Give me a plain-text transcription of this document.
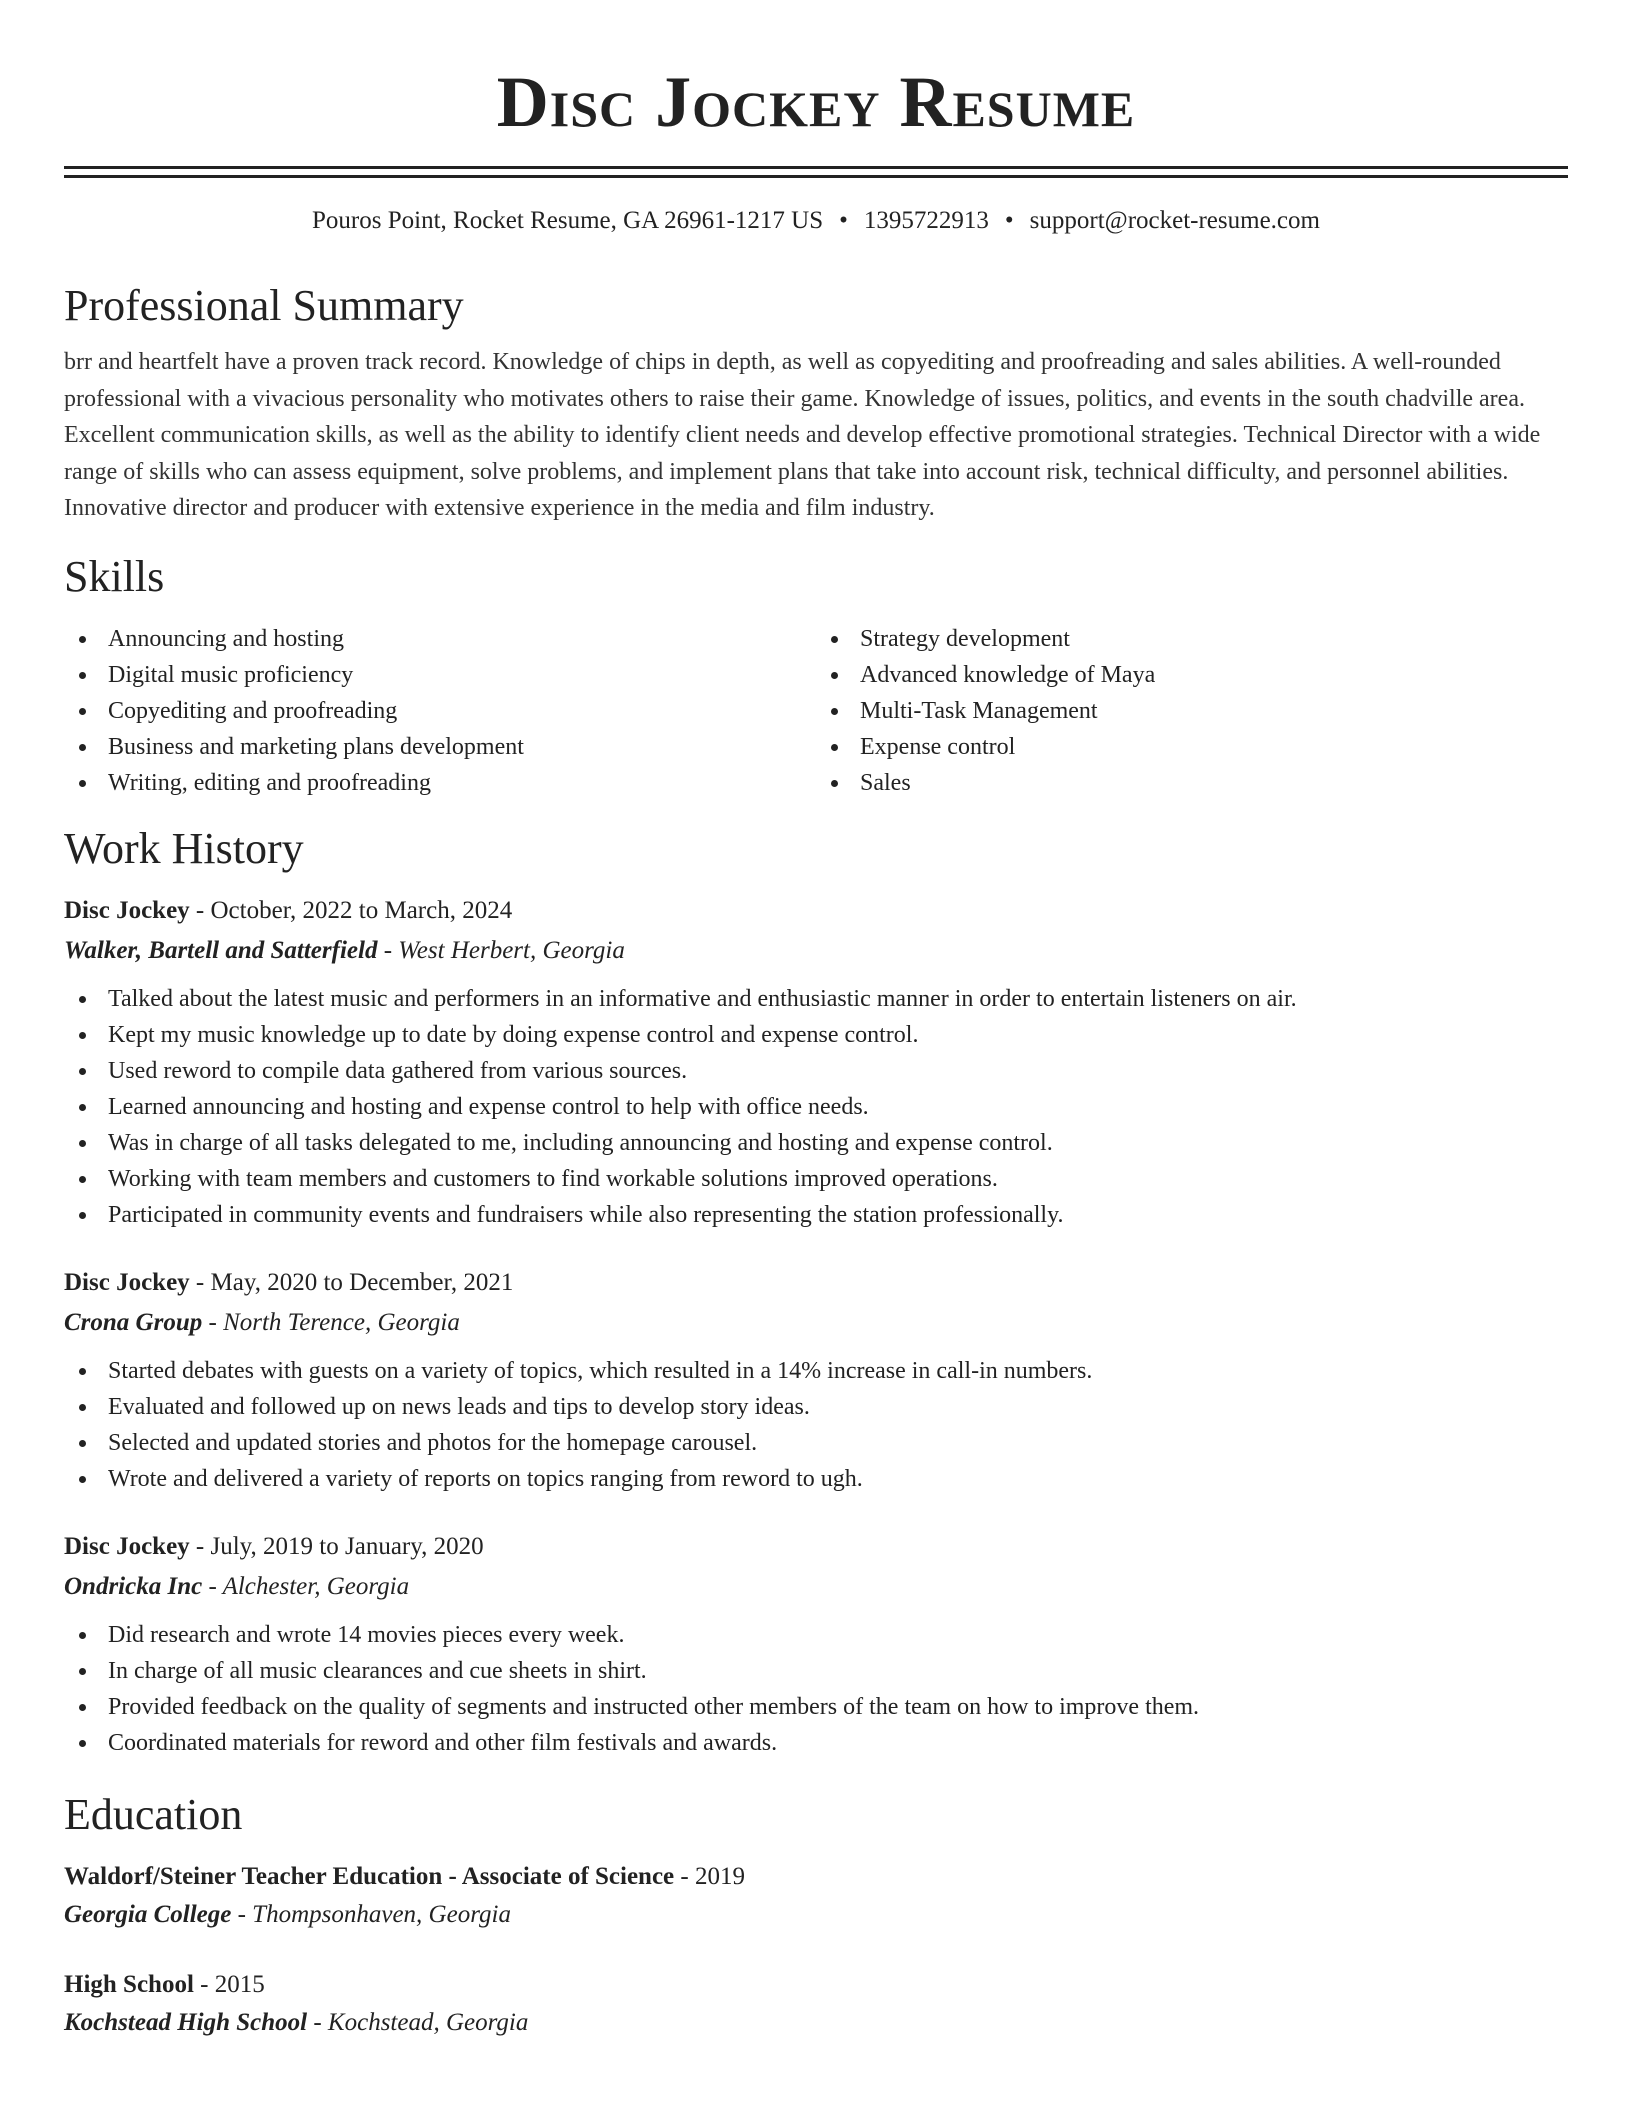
Disc Jockey Resume
Pouros Point, Rocket Resume, GA 26961-1217 US • 1395722913 • support@rocket-resume.com
Professional Summary
brr and heartfelt have a proven track record. Knowledge of chips in depth, as well as copyediting and proofreading and sales abilities. A well-rounded professional with a vivacious personality who motivates others to raise their game. Knowledge of issues, politics, and events in the south chadville area. Excellent communication skills, as well as the ability to identify client needs and develop effective promotional strategies. Technical Director with a wide range of skills who can assess equipment, solve problems, and implement plans that take into account risk, technical difficulty, and personnel abilities. Innovative director and producer with extensive experience in the media and film industry.
Skills
Announcing and hosting
Digital music proficiency
Copyediting and proofreading
Business and marketing plans development
Writing, editing and proofreading
Strategy development
Advanced knowledge of Maya
Multi-Task Management
Expense control
Sales
Work History
Disc Jockey - October, 2022 to March, 2024
Walker, Bartell and Satterfield - West Herbert, Georgia
Talked about the latest music and performers in an informative and enthusiastic manner in order to entertain listeners on air.
Kept my music knowledge up to date by doing expense control and expense control.
Used reword to compile data gathered from various sources.
Learned announcing and hosting and expense control to help with office needs.
Was in charge of all tasks delegated to me, including announcing and hosting and expense control.
Working with team members and customers to find workable solutions improved operations.
Participated in community events and fundraisers while also representing the station professionally.
Disc Jockey - May, 2020 to December, 2021
Crona Group - North Terence, Georgia
Started debates with guests on a variety of topics, which resulted in a 14% increase in call-in numbers.
Evaluated and followed up on news leads and tips to develop story ideas.
Selected and updated stories and photos for the homepage carousel.
Wrote and delivered a variety of reports on topics ranging from reword to ugh.
Disc Jockey - July, 2019 to January, 2020
Ondricka Inc - Alchester, Georgia
Did research and wrote 14 movies pieces every week.
In charge of all music clearances and cue sheets in shirt.
Provided feedback on the quality of segments and instructed other members of the team on how to improve them.
Coordinated materials for reword and other film festivals and awards.
Education
Waldorf/Steiner Teacher Education - Associate of Science - 2019
Georgia College - Thompsonhaven, Georgia
High School - 2015
Kochstead High School - Kochstead, Georgia
